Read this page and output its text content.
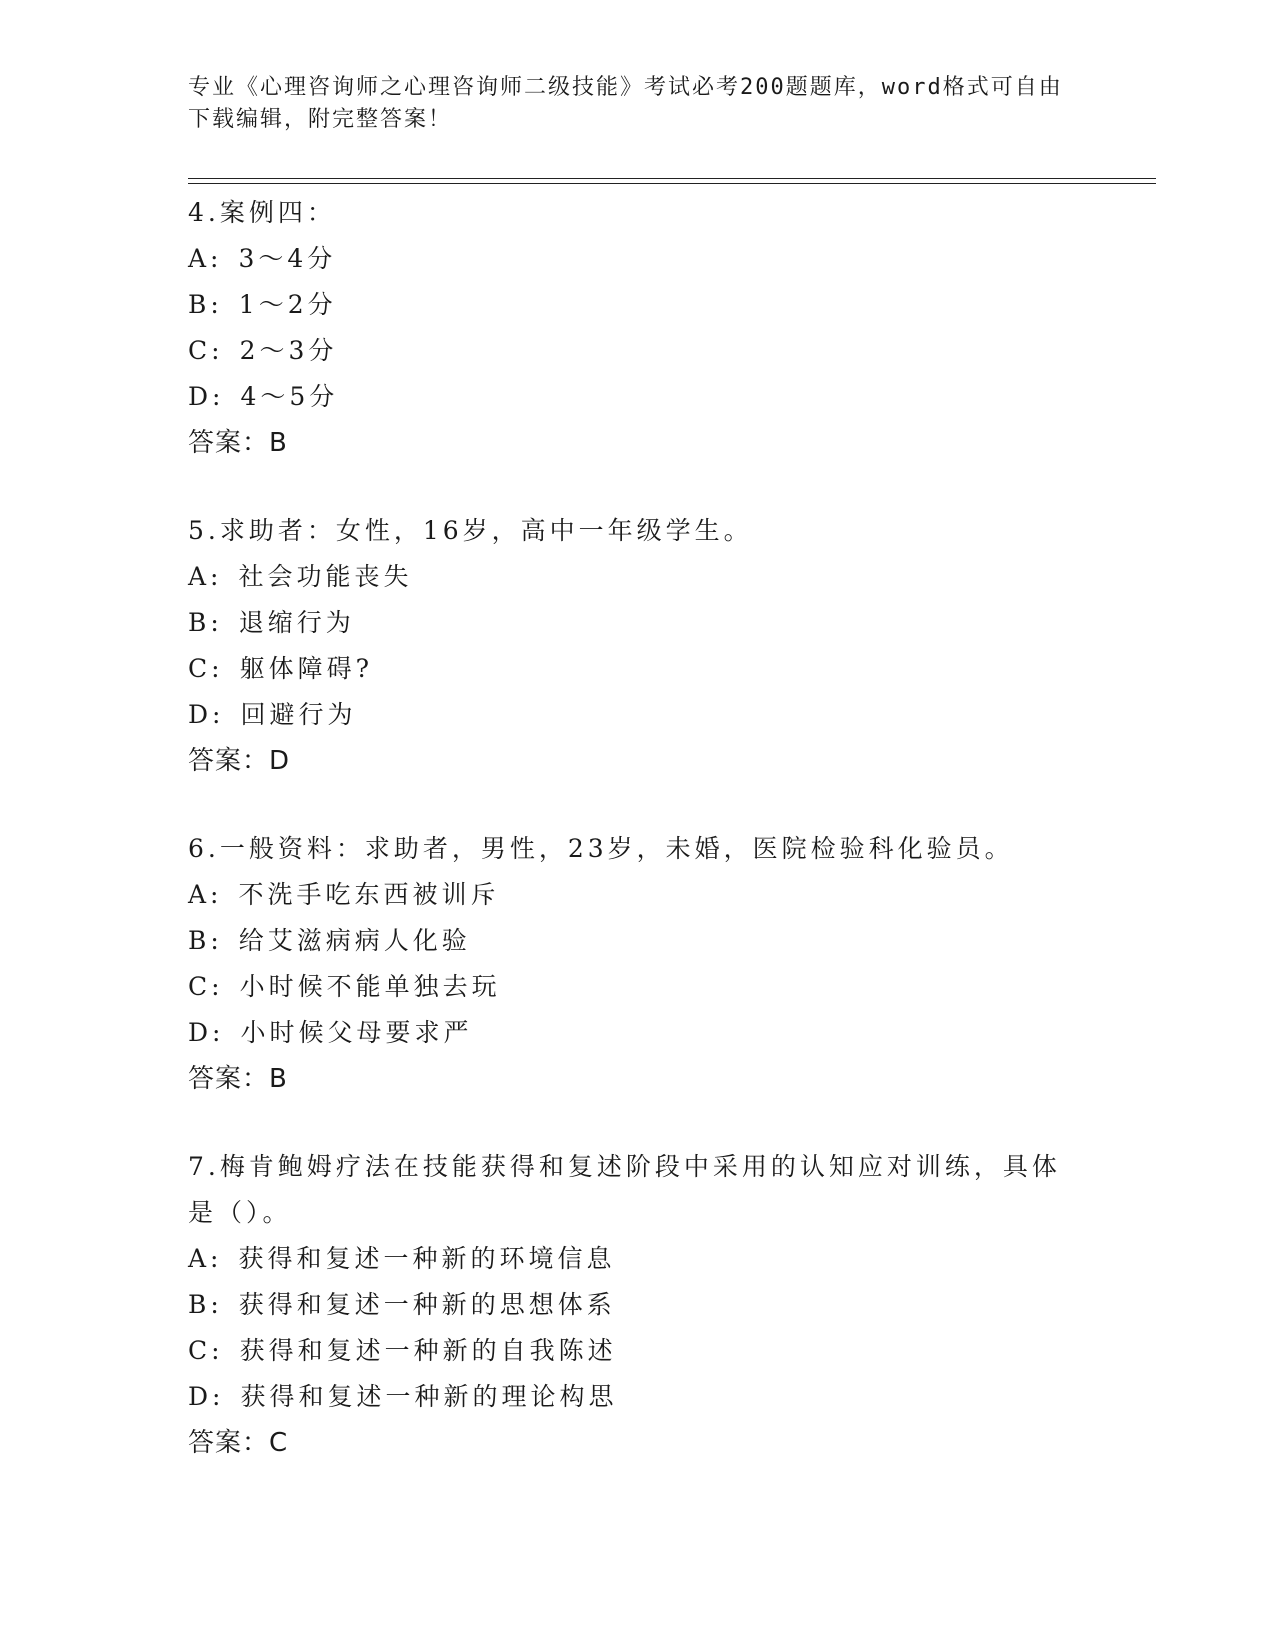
专业《心理咨询师之心理咨询师二级技能》考试必考200题题库，word格式可自由下载编辑，附完整答案！
4.案例四：
A: 3～4分
B: 1～2分
C: 2～3分
D: 4～5分
答案：B
5.求助者：女性，16岁，高中一年级学生。
A: 社会功能丧失
B: 退缩行为
C: 躯体障碍?
D: 回避行为
答案：D
6.一般资料：求助者，男性，23岁，未婚，医院检验科化验员。
A: 不洗手吃东西被训斥
B: 给艾滋病病人化验
C: 小时候不能单独去玩
D: 小时候父母要求严
答案：B
7.梅肯鲍姆疗法在技能获得和复述阶段中采用的认知应对训练，具体是（）。
A: 获得和复述一种新的环境信息
B: 获得和复述一种新的思想体系
C: 获得和复述一种新的自我陈述
D: 获得和复述一种新的理论构思
答案：C
